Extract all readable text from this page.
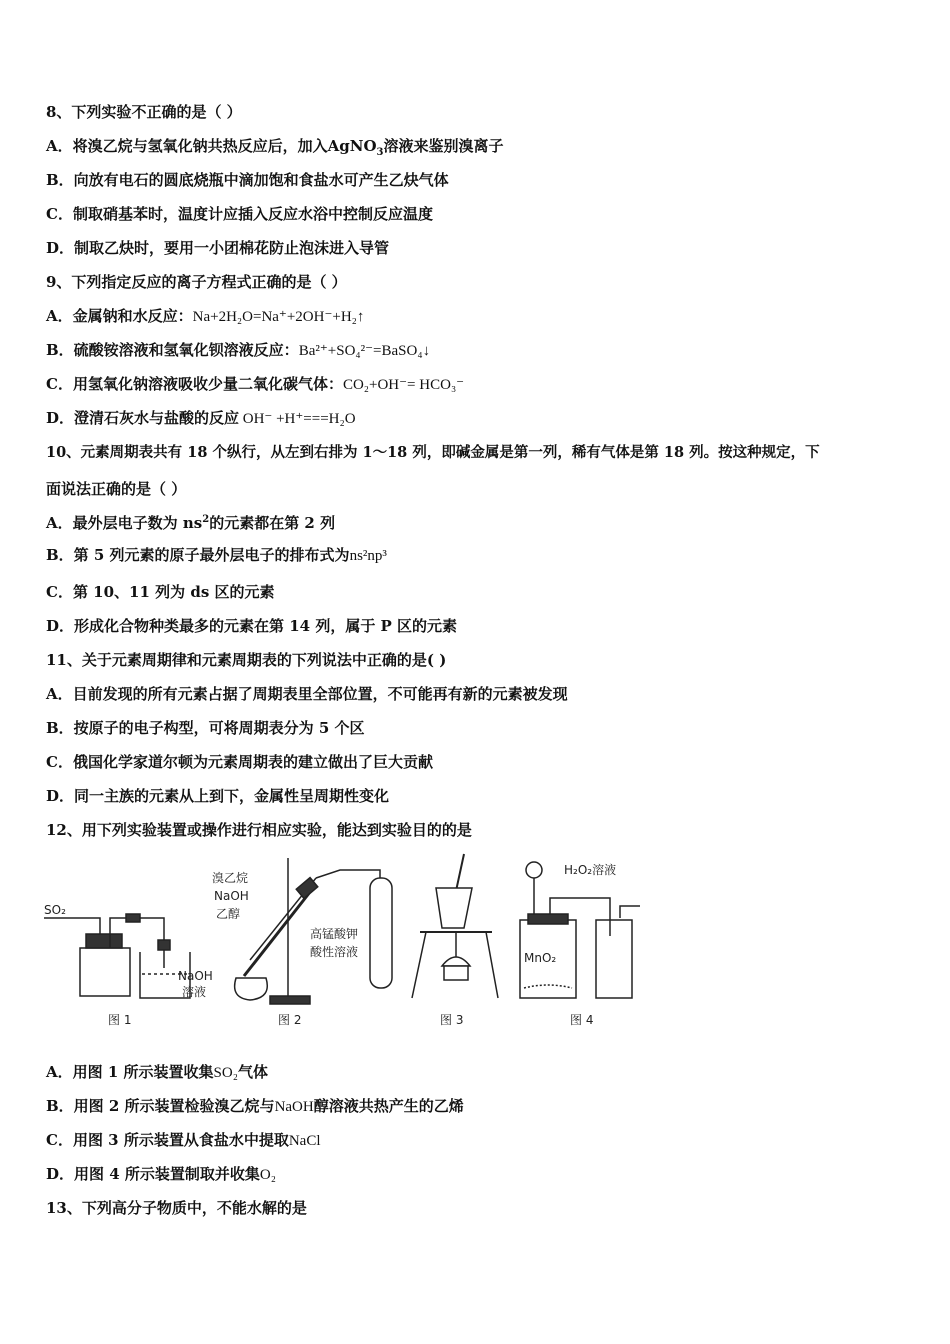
8、下列实验不正确的是（ ）
A．将溴乙烷与氢氧化钠共热反应后，加入AgNO$_3$溶液来鉴别溴离子
B．向放有电石的圆底烧瓶中滴加饱和食盐水可产生乙炔气体
C．制取硝基苯时，温度计应插入反应水浴中控制反应温度
D．制取乙炔时，要用一小团棉花防止泡沫进入导管
9、下列指定反应的离子方程式正确的是（ ）
A．金属钠和水反应：Na+2H₂O=Na⁺+2OH⁻+H₂↑
B．硫酸铵溶液和氢氧化钡溶液反应：Ba²⁺+SO₄²⁻=BaSO₄↓
C．用氢氧化钠溶液吸收少量二氧化碳气体：CO₂+OH⁻= HCO₃⁻
D．澄清石灰水与盐酸的反应 OH⁻ +H⁺===H₂O
10、元素周期表共有 18 个纵行，从左到右排为 1～18 列，即碱金属是第一列，稀有气体是第 18 列。按这种规定，下
面说法正确的是（ ）
A．最外层电子数为 $ns^2$的元素都在第 2 列
B．第 5 列元素的原子最外层电子的排布式为ns²np³
C．第 10、11 列为 ds 区的元素
D．形成化合物种类最多的元素在第 14 列，属于 P 区的元素
11、关于元素周期律和元素周期表的下列说法中正确的是( )
A．目前发现的所有元素占据了周期表里全部位置，不可能再有新的元素被发现
B．按原子的电子构型，可将周期表分为 5 个区
C．俄国化学家道尔顿为元素周期表的建立做出了巨大贡献
D．同一主族的元素从上到下，金属性呈周期性变化
12、用下列实验装置或操作进行相应实验，能达到实验目的的是
SO₂
NaOH
溶液
图 1
溴乙烷
NaOH
乙醇
高锰酸钾
酸性溶液
图 2	图 3
H₂O₂溶液
MnO₂
图 4
A．用图 1 所示装置收集SO₂气体
B．用图 2 所示装置检验溴乙烷与NaOH醇溶液共热产生的乙烯
C．用图 3 所示装置从食盐水中提取NaCl
D．用图 4 所示装置制取并收集O₂
13、下列高分子物质中，不能水解的是
